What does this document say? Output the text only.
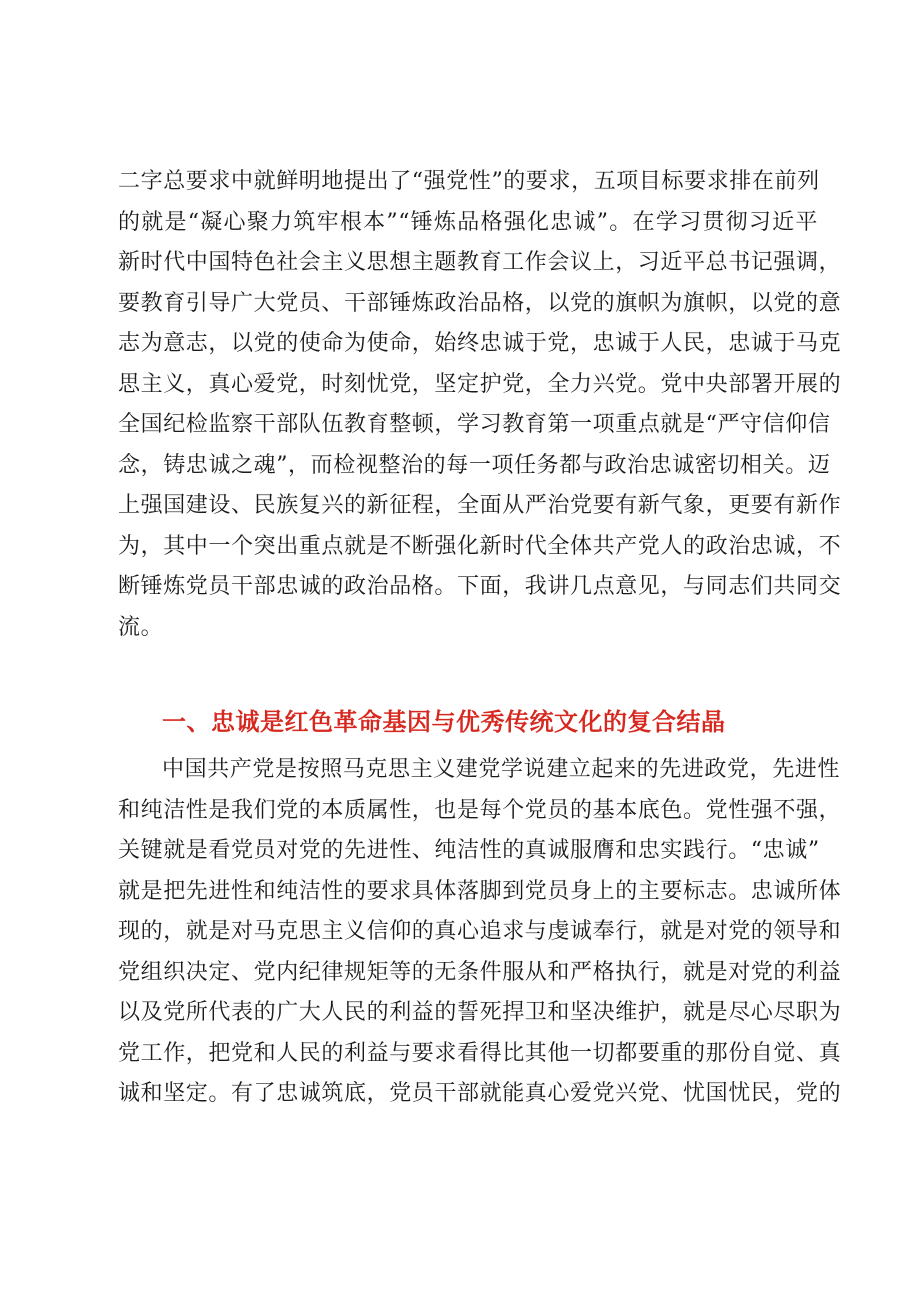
二字总要求中就鲜明地提出了“强党性”的要求，五项目标要求排在前列
的就是“凝心聚力筑牢根本”“锤炼品格强化忠诚”。在学习贯彻习近平
新时代中国特色社会主义思想主题教育工作会议上，习近平总书记强调，
要教育引导广大党员、干部锤炼政治品格，以党的旗帜为旗帜，以党的意
志为意志，以党的使命为使命，始终忠诚于党，忠诚于人民，忠诚于马克
思主义，真心爱党，时刻忧党，坚定护党，全力兴党。党中央部署开展的
全国纪检监察干部队伍教育整顿，学习教育第一项重点就是“严守信仰信
念，铸忠诚之魂”，而检视整治的每一项任务都与政治忠诚密切相关。迈
上强国建设、民族复兴的新征程，全面从严治党要有新气象，更要有新作
为，其中一个突出重点就是不断强化新时代全体共产党人的政治忠诚，不
断锤炼党员干部忠诚的政治品格。下面，我讲几点意见，与同志们共同交
流。
一、忠诚是红色革命基因与优秀传统文化的复合结晶
中国共产党是按照马克思主义建党学说建立起来的先进政党，先进性
和纯洁性是我们党的本质属性，也是每个党员的基本底色。党性强不强，
关键就是看党员对党的先进性、纯洁性的真诚服膺和忠实践行。“忠诚”
就是把先进性和纯洁性的要求具体落脚到党员身上的主要标志。忠诚所体
现的，就是对马克思主义信仰的真心追求与虔诚奉行，就是对党的领导和
党组织决定、党内纪律规矩等的无条件服从和严格执行，就是对党的利益
以及党所代表的广大人民的利益的誓死捍卫和坚决维护，就是尽心尽职为
党工作，把党和人民的利益与要求看得比其他一切都要重的那份自觉、真
诚和坚定。有了忠诚筑底，党员干部就能真心爱党兴党、忧国忧民，党的
